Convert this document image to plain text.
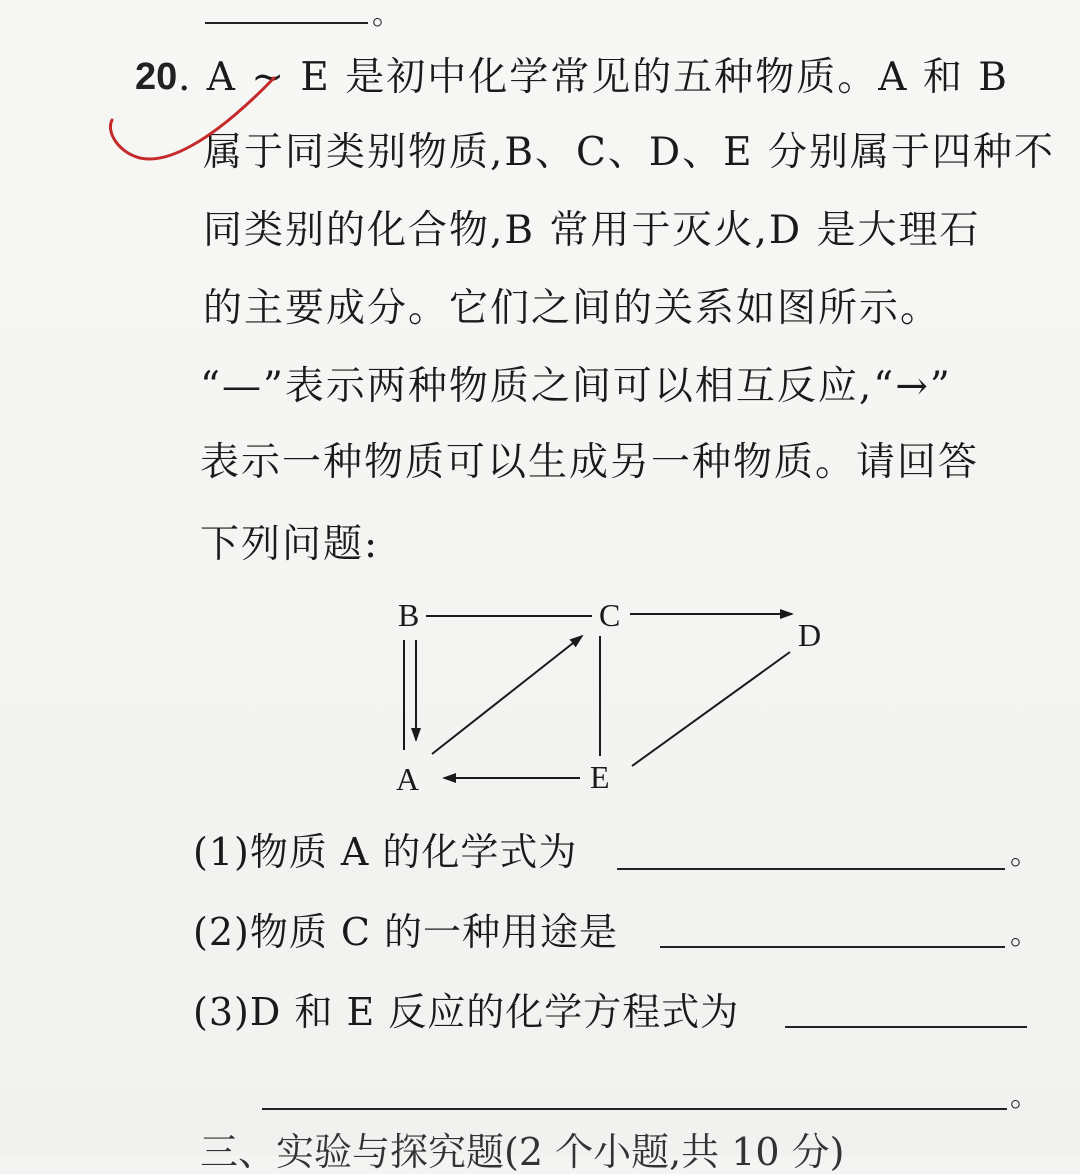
。
20 . A ~ E 是初中化学常见的五种物质。A 和 B
属于同类别物质,B、C、D、E 分别属于四种不
同类别的化合物,B 常用于灭火,D 是大理石
的主要成分。它们之间的关系如图所示。
“—”表示两种物质之间可以相互反应,“→”
表示一种物质可以生成另一种物质。请回答
下列问题:
B	C
D
A	E
(1)物质 A 的化学式为	。
(2)物质 C 的一种用途是	。
(3)D 和 E 反应的化学方程式为
。
三、实验与探究题(2 个小题,共 10 分)
